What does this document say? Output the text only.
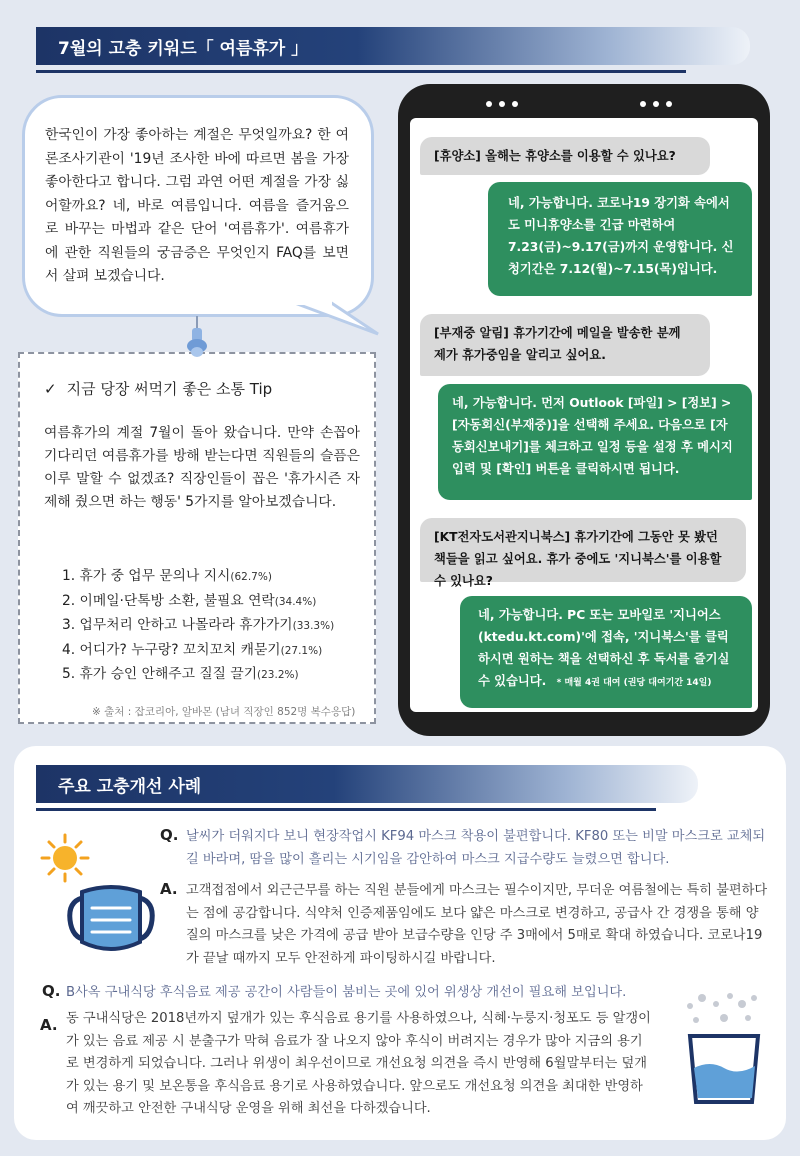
7월의 고충 키워드「 여름휴가 」

한국인이 가장 좋아하는 계절은 무엇일까요? 한 여론조사기관이 '19년 조사한 바에 따르면 봄을 가장 좋아한다고 합니다. 그럼 과연 어떤 계절을 가장 싫어할까요? 네, 바로 여름입니다. 여름을 즐거움으로 바꾸는 마법과 같은 단어 '여름휴가'. 여름휴가에 관한 직원들의 궁금증은 무엇인지 FAQ를 보면서 살펴 보겠습니다.

✓ 지금 당장 써먹기 좋은 소통 Tip

여름휴가의 계절 7월이 돌아 왔습니다. 만약 손꼽아 기다리던 여름휴가를 방해 받는다면 직원들의 슬픔은 이루 말할 수 없겠죠? 직장인들이 꼽은 '휴가시즌 자제해 줬으면 하는 행동' 5가지를 알아보겠습니다.

1. 휴가 중 업무 문의나 지시(62.7%)
2. 이메일·단톡방 소환, 불필요 연락(34.4%)
3. 업무처리 안하고 나몰라라 휴가가기(33.3%)
4. 어디가? 누구랑? 꼬치꼬치 캐묻기(27.1%)
5. 휴가 승인 안해주고 질질 끌기(23.2%)
※ 출처 : 잡코리아, 알바몬 (남녀 직장인 852명 복수응답)
[휴양소] 올해는 휴양소를 이용할 수 있나요?
네, 가능합니다. 코로나19 장기화 속에서도 미니휴양소를 긴급 마련하여 7.23(금)~9.17(금)까지 운영합니다. 신청기간은 7.12(월)~7.15(목)입니다.
[부재중 알림] 휴가기간에 메일을 발송한 분께 제가 휴가중임을 알리고 싶어요.
네, 가능합니다. 먼저 Outlook [파일] > [정보] > [자동회신(부재중)]을 선택해 주세요. 다음으로 [자동회신보내기]를 체크하고 일정 등을 설정 후 메시지 입력 및 [확인] 버튼을 클릭하시면 됩니다.
[KT전자도서관지니북스] 휴가기간에 그동안 못 봤던 책들을 읽고 싶어요. 휴가 중에도 '지니북스'를 이용할 수 있나요?
네, 가능합니다. PC 또는 모바일로 '지니어스(ktedu.kt.com)'에 접속, '지니북스'를 클릭하시면 원하는 책을 선택하신 후 독서를 즐기실 수 있습니다. * 매월 4권 대여 (권당 대여기간 14일)
주요 고충개선 사례
Q. 날씨가 더워지다 보니 현장작업시 KF94 마스크 착용이 불편합니다. KF80 또는 비말 마스크로 교체되길 바라며, 땀을 많이 흘리는 시기임을 감안하여 마스크 지급수량도 늘렸으면 합니다.

A. 고객접점에서 외근근무를 하는 직원 분들에게 마스크는 필수이지만, 무더운 여름철에는 특히 불편하다는 점에 공감합니다. 식약처 인증제품임에도 보다 얇은 마스크로 변경하고, 공급사 간 경쟁을 통해 양질의 마스크를 낮은 가격에 공급 받아 보급수량을 인당 주 3매에서 5매로 확대 하였습니다. 코로나19가 끝날 때까지 모두 안전하게 파이팅하시길 바랍니다.

Q. B사옥 구내식당 후식음료 제공 공간이 사람들이 붐비는 곳에 있어 위생상 개선이 필요해 보입니다.

A. 동 구내식당은 2018년까지 덮개가 있는 후식음료 용기를 사용하였으나, 식혜·누룽지·청포도 등 알갱이가 있는 음료 제공 시 분출구가 막혀 음료가 잘 나오지 않아 후식이 버려지는 경우가 많아 지금의 용기로 변경하게 되었습니다. 그러나 위생이 최우선이므로 개선요청 의견을 즉시 반영해 6월말부터는 덮개가 있는 용기 및 보온통을 후식음료 용기로 사용하였습니다. 앞으로도 개선요청 의견을 최대한 반영하여 깨끗하고 안전한 구내식당 운영을 위해 최선을 다하겠습니다.
